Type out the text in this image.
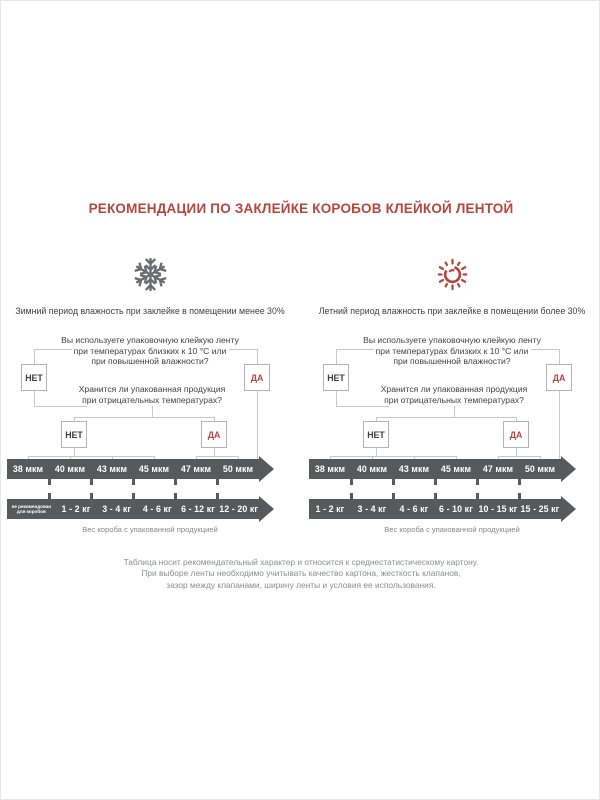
РЕКОМЕНДАЦИИ ПО ЗАКЛЕЙКЕ КОРОБОВ КЛЕЙКОЙ ЛЕНТОЙ
Зимний период влажность при заклейке в помещении менее 30%
Вы используете упаковочную клейкую ленту
при температурах близких к 10 °С или
при повышенной влажности?
НЕТ	ДА
Хранится ли упакованная продукция
при отрицательных температурах?
НЕТ	ДА
38 мкм	40 мкм	43 мкм	45 мкм	47 мкм	50 мкм
не рекомендован для коробов	1 - 2 кг	3 - 4 кг	4 - 6 кг	6 - 12 кг 12 - 20 кг
Вес короба с упакованной продукцией
Летний период влажность при заклейке в помещении более 30%
Вы используете упаковочную клейкую ленту
при температурах близких к 10 °С или
при повышенной влажности?
НЕТ	ДА
Хранится ли упакованная продукция
при отрицательных температурах?
НЕТ	ДА
38 мкм	40 мкм	43 мкм	45 мкм	47 мкм	50 мкм
1 - 2 кг	3 - 4 кг	4 - 6 кг	6 - 10 кг 10 - 15 кг 15 - 25 кг
Вес короба с упакованной продукцией
Таблица носит рекомендательный характер и относится к среднестатистическому картону.
При выборе ленты необходимо учитывать качество картона, жесткость клапанов,
зазор между клапанами, ширину ленты и условия ее использования.
